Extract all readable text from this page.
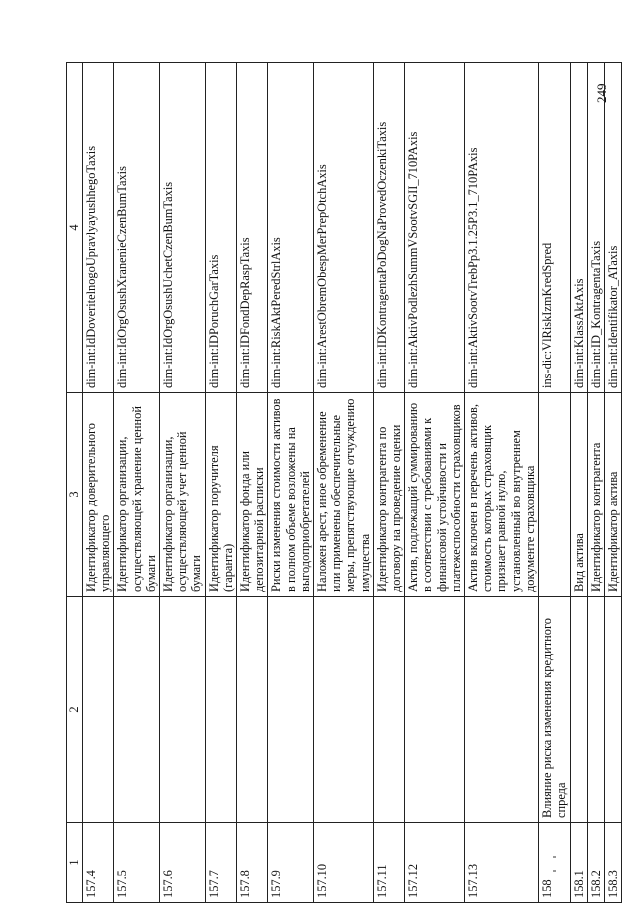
249
1	2	3	4
157.4		Идентификатор доверительного управляющего	dim-int:IdDoveritelnogoUpravlyayushhegoTaxis
157.5		Идентификатор организации, осуществляющей хранение ценной бумаги	dim-int:IdOrgOsushXranenieCzenBumTaxis
157.6		Идентификатор организации, осуществляющей учет ценной бумаги	dim-int:IdOrgOsushUchetCzenBumTaxis
157.7		Идентификатор поручителя (гаранта)	dim-int:IDPoruchGarTaxis
157.8		Идентификатор фонда или депозитарной расписки	dim-int:IDFondDepRaspTaxis
157.9		Риски изменения стоимости активов в полном объеме возложены на выгодоприобретателей	dim-int:RiskAktPeredStrlAxis
157.10		Наложен арест, иное обременение или применены обеспечительные меры, препятствующие отчуждению имущества	dim-int:ArestObremObespMerPrepOtchAxis
157.11		Идентификатор контрагента по договору на проведение оценки	dim-int:IDKontragentaPoDogNaProvedOczenkiTaxis
157.12		Актив, подлежащий суммированию в соответствии с требованиями к финансовой устойчивости и платежеспособности страховщиков	dim-int:AktivPodlezhSummVSootvSGII_710PAxis
157.13		Актив включен в перечень активов, стоимость которых страховщик признает равной нулю, установленный во внутреннем документе страховщика	dim-int:AktivSootvTrebPp3.1.25P3.1_710PAxis
158	Влияние риска изменения кредитного спреда		ins-dic:VlRiskIzmKredSpred
158.1		Вид актива	dim-int:KlassAktAxis
158.2		Идентификатор контрагента	dim-int:ID_KontragentaTaxis
158.3		Идентификатор актива	dim-int:Identifikator_ATaxis
